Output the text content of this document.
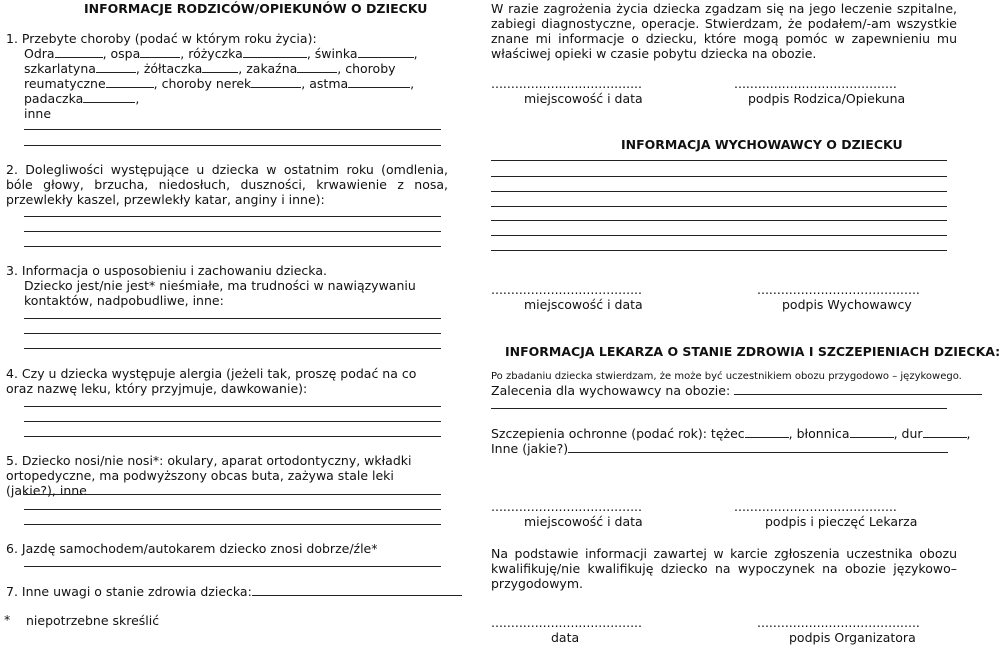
INFORMACJE RODZICÓW/OPIEKUNÓW O DZIECKU
1. Przebyte choroby (podać w którym roku życia):
Odra	, ospa	, różyczka	, świnka	,
szkarlatyna	, żółtaczka	, zakaźna	, choroby
reumatyczne	, choroby nerek	, astma	,
padaczka	,
inne
2. Dolegliwości występujące u dziecka w ostatnim roku (omdlenia, bóle głowy, brzucha, niedosłuch, duszności, krwawienie z nosa, przewlekły kaszel, przewlekły katar, anginy i inne):
3. Informacja o usposobieniu i zachowaniu dziecka.
Dziecko jest/nie jest* nieśmiałe, ma trudności w nawiązywaniu kontaktów, nadpobudliwe, inne:
4. Czy u dziecka występuje alergia (jeżeli tak, proszę podać na co oraz nazwę leku, który przyjmuje, dawkowanie):
5. Dziecko nosi/nie nosi*: okulary, aparat ortodontyczny, wkładki ortopedyczne, ma podwyższony obcas buta, zażywa stale leki (jakie?), inne
6. Jazdę samochodem/autokarem dziecko znosi dobrze/źle*
7. Inne uwagi o stanie zdrowia dziecka:
* niepotrzebne skreślić
W razie zagrożenia życia dziecka zgadzam się na jego leczenie szpitalne, zabiegi diagnostyczne, operacje. Stwierdzam, że podałem/-am wszystkie znane mi informacje o dziecku, które mogą pomóc w zapewnieniu mu właściwej opieki w czasie pobytu dziecka na obozie.
......................................	.........................................
miejscowość i data	podpis Rodzica/Opiekuna
INFORMACJA WYCHOWAWCY O DZIECKU
......................................	.........................................
miejscowość i data	podpis Wychowawcy
INFORMACJA LEKARZA O STANIE ZDROWIA I SZCZEPIENIACH DZIECKA:
Po zbadaniu dziecka stwierdzam, że może być uczestnikiem obozu przygodowo – językowego.
Zalecenia dla wychowawcy na obozie:
Szczepienia ochronne (podać rok): tężec	, błonnica	, dur	,
Inne (jakie?)
......................................	.........................................
miejscowość i data	podpis i pieczęć Lekarza
Na podstawie informacji zawartej w karcie zgłoszenia uczestnika obozu kwalifikuję/nie kwalifikuję dziecko na wypoczynek na obozie językowo– przygodowym.
......................................	.........................................
data	podpis Organizatora
